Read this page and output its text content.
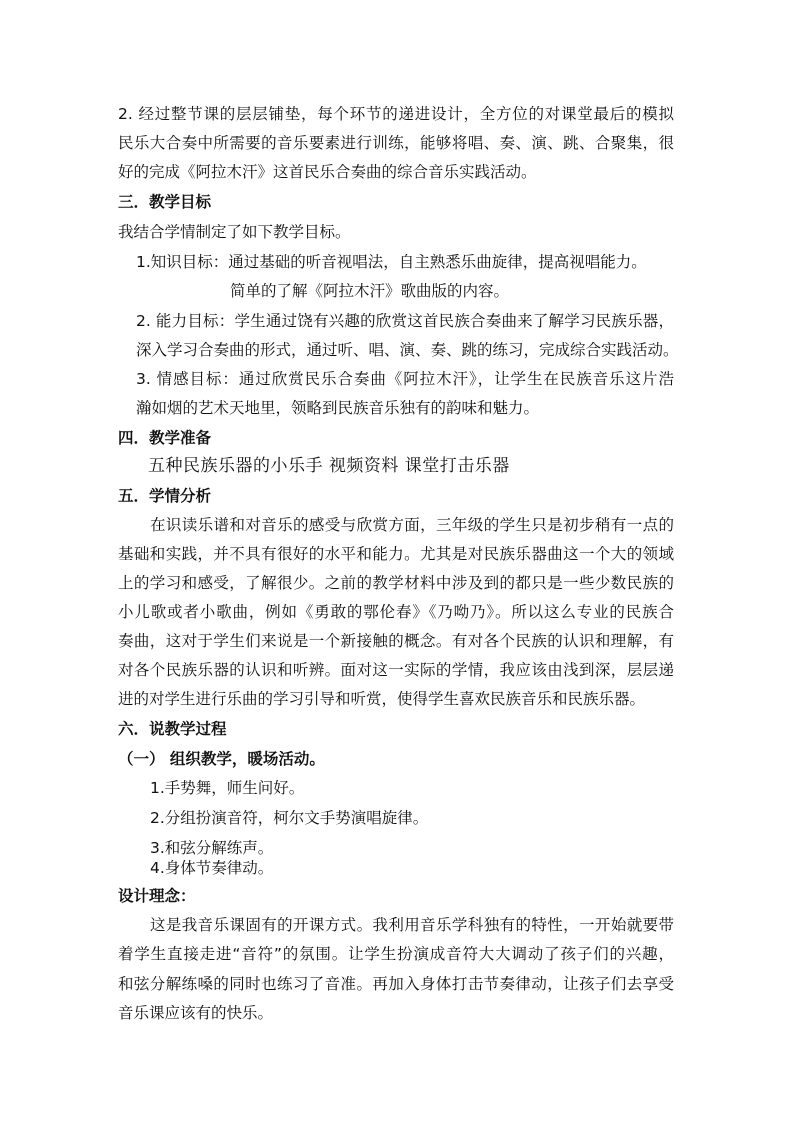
2. 经过整节课的层层铺垫，每个环节的递进设计，全方位的对课堂最后的模拟
民乐大合奏中所需要的音乐要素进行训练，能够将唱、奏、演、跳、合聚集，很
好的完成《阿拉木汗》这首民乐合奏曲的综合音乐实践活动。
三．教学目标
我结合学情制定了如下教学目标。
1.知识目标：通过基础的听音视唱法，自主熟悉乐曲旋律，提高视唱能力。
简单的了解《阿拉木汗》歌曲版的内容。
2. 能力目标：学生通过饶有兴趣的欣赏这首民族合奏曲来了解学习民族乐器，
深入学习合奏曲的形式，通过听、唱、演、奏、跳的练习，完成综合实践活动。
3. 情感目标：通过欣赏民乐合奏曲《阿拉木汗》，让学生在民族音乐这片浩
瀚如烟的艺术天地里，领略到民族音乐独有的韵味和魅力。
四．教学准备
五种民族乐器的小乐手 视频资料 课堂打击乐器
五．学情分析
在识读乐谱和对音乐的感受与欣赏方面，三年级的学生只是初步稍有一点的
基础和实践，并不具有很好的水平和能力。尤其是对民族乐器曲这一个大的领域
上的学习和感受，了解很少。之前的教学材料中涉及到的都只是一些少数民族的
小儿歌或者小歌曲，例如《勇敢的鄂伦春》《乃呦乃》。所以这么专业的民族合
奏曲，这对于学生们来说是一个新接触的概念。有对各个民族的认识和理解，有
对各个民族乐器的认识和听辨。面对这一实际的学情，我应该由浅到深，层层递
进的对学生进行乐曲的学习引导和听赏，使得学生喜欢民族音乐和民族乐器。
六．说教学过程
（一） 组织教学，暖场活动。
1.手势舞，师生问好。
2.分组扮演音符，柯尔文手势演唱旋律。
3.和弦分解练声。
4.身体节奏律动。
设计理念：
这是我音乐课固有的开课方式。我利用音乐学科独有的特性，一开始就要带
着学生直接走进“音符”的氛围。让学生扮演成音符大大调动了孩子们的兴趣，
和弦分解练嗓的同时也练习了音准。再加入身体打击节奏律动，让孩子们去享受
音乐课应该有的快乐。
